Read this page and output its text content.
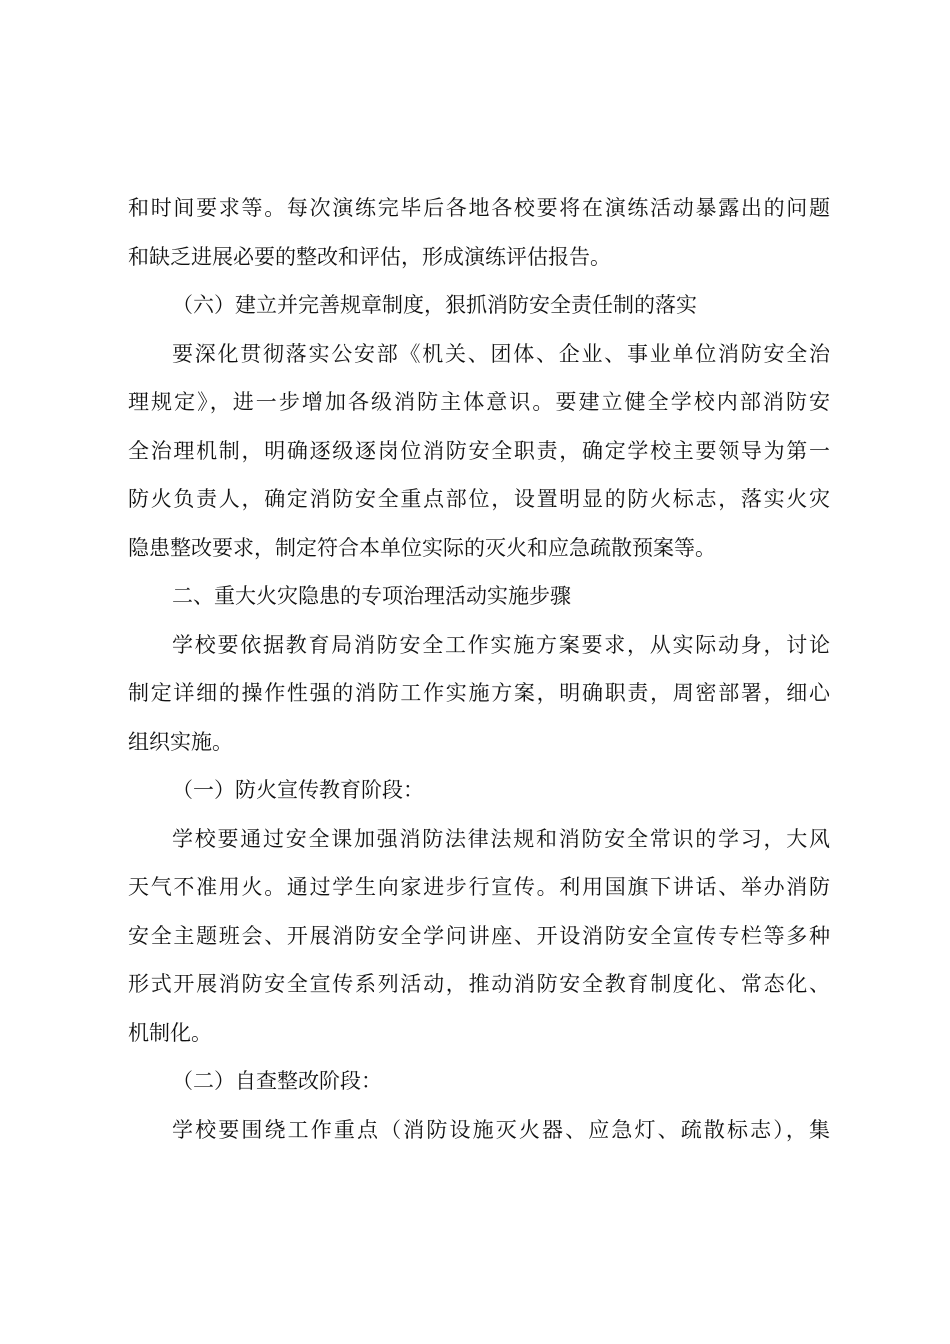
和时间要求等。每次演练完毕后各地各校要将在演练活动暴露出的问题
和缺乏进展必要的整改和评估，形成演练评估报告。
（六）建立并完善规章制度，狠抓消防安全责任制的落实
要深化贯彻落实公安部《机关、团体、企业、事业单位消防安全治
理规定》，进一步增加各级消防主体意识。要建立健全学校内部消防安
全治理机制，明确逐级逐岗位消防安全职责，确定学校主要领导为第一
防火负责人，确定消防安全重点部位，设置明显的防火标志，落实火灾
隐患整改要求，制定符合本单位实际的灭火和应急疏散预案等。
二、重大火灾隐患的专项治理活动实施步骤
学校要依据教育局消防安全工作实施方案要求，从实际动身，讨论
制定详细的操作性强的消防工作实施方案，明确职责，周密部署，细心
组织实施。
（一）防火宣传教育阶段：
学校要通过安全课加强消防法律法规和消防安全常识的学习，大风
天气不准用火。通过学生向家进步行宣传。利用国旗下讲话、举办消防
安全主题班会、开展消防安全学问讲座、开设消防安全宣传专栏等多种
形式开展消防安全宣传系列活动，推动消防安全教育制度化、常态化、
机制化。
（二）自查整改阶段：
学校要围绕工作重点（消防设施灭火器、应急灯、疏散标志），集
